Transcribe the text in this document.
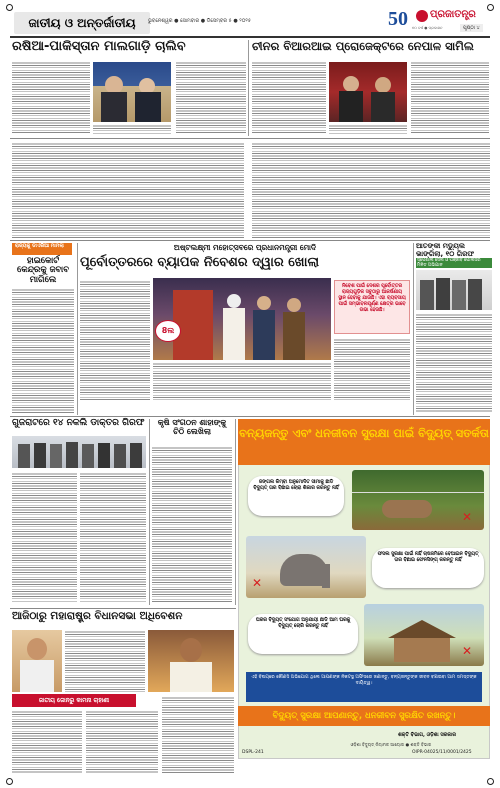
ଜାତୀୟ ଓ ଅନ୍ତର୍ଜାତୀୟ	ଭୁବନେଶ୍ୱର ● ସୋମବାର ● ଡିସେମ୍ବର ୫ ● ୨୦୨୫	50	୫୦ ବର୍ଷ ● ପ୍ରକାଶନ
ପ୍ରଜାତନ୍ତ୍ର
ପୃଷ୍ଠା ୪
ରଷିଆ-ପାକିସ୍ତାନ ମାଲଗାଡ଼ି ଚାଲିବ	ଚୀନର ବିଆରଆଇ ପ୍ରୋଜେକ୍ଟରେ ନେପାଳ ସାମିଲ
ରାଜ୍ୟକୁ ଡାଏରିଆ ମାମଲା
ହାଇକୋର୍ଟ କେନ୍ଦ୍ରକୁ ଜବାବ ମାଗିଲେ
ଅଷ୍ଟଲକ୍ଷ୍ମୀ ମହୋତ୍ସବରେ ପ୍ରଧାନମନ୍ତ୍ରୀ ମୋଦି
ପୂର୍ବୋତ୍ତରରେ ବ୍ୟାପକ ନିବେଶର ଦ୍ୱାର ଖୋଲା
8ଲ
ନିବେଶ ପାଇଁ ଦେଶର ପୂର୍ବୋତ୍ତର ରାଜ୍ୟଗୁଡ଼ିକ ସବୁଠାରୁ ଆକର୍ଷଣୀୟ ସ୍ଥାନ ହେବାକୁ ଯାଉଛି। ଏହା ବ୍ୟବସାୟ ପାଇଁ ସମ୍ଭାବନାପୂର୍ଣ୍ଣ କ୍ଷେତ୍ର ଭାବେ ଉଭା ହେଉଛି।
ଆତଙ୍କୀ ମଡ୍ୟୁଲ ଭାଙ୍ଗିଲା, ୧୦ ଗିରଫ
ସ୍ପେଶାଲ ସେଲ ଓ ପଞ୍ଜାବ ପୋଲିସର ମିଳିତ ଅଭିଯାନ
ଗୁଜରାଟରେ ୧୪ ନକଲି ଡାକ୍ତର ଗିରଫ	କୃଷି ସଂଗଠନ ଶାହାଙ୍କୁ ଚିଠି ଲେଖିଲା	ବନ୍ୟଜନ୍ତୁ ଏବଂ ଧନଜୀବନ ସୁରକ୍ଷା ପାଇଁ ବିଦ୍ୟୁତ୍ ସତର୍କତା
ଜଙ୍ଗଲ କିମ୍ବା ଅନୁମୋଦିତ ସୀମାକୁ ଛାଡି ବିଦ୍ୟୁତ୍ ତାର ବିଛାଇ ଚୋରା ଶିକାର କରନ୍ତୁ ନାହିଁ
✕
✕
ଫସଲ ସୁରକ୍ଷା ପାଇଁ ନାହିଁ ଚାଷଜମିରେ ବେଆଇନ ବିଦ୍ୟୁତ୍ ତାର ବିଛାଇ ଫେନସିଙ୍ଗ୍ କରନ୍ତୁ ନାହିଁ
ଘରର ବିଦ୍ୟୁତ୍ ସଂଯୋଗ ଅନୁଯାୟୀ ଛାଡି ଆମ ଘରକୁ ବିଦ୍ୟୁତ୍ ଚୋରି କରନ୍ତୁ ନାହିଁ
✕
ଏହି ବିଷୟରେ କୌଣସି ଅଭିଯୋଗ ଥିଲେ ଆପଣଙ୍କ ନିକଟସ୍ଥ ଅଫିସରେ ଜଣାନ୍ତୁ, ବନ୍ୟଜନ୍ତୁଙ୍କ ଜୀବନ ବଞ୍ଚାଇବା ଆମ ସମସ୍ତଙ୍କ ଦାୟିତ୍ୱ।
ବିଦ୍ୟୁତ୍ ସୁରକ୍ଷା ଆପଣାନ୍ତୁ, ଧନଜୀବନ ସୁରକ୍ଷିତ ରଖନ୍ତୁ।
ଶକ୍ତି ବିଭାଗ, ଓଡ଼ିଶା ସରକାର
ଓଡ଼ିଶା ବିଦ୍ୟୁତ୍ ନିୟାମକ ଆୟୋଗ ● ଶକ୍ତି ବିଭାଗ
DSPL-241	OIPR-04025/11/0001/2425
ଆଜିଠାରୁ ମହାରାଷ୍ଟ୍ର ବିଧାନସଭା ଅଧିବେଶନ
ଜାତୀୟ ଜୋନରୁ କାମନା ଚାହାଣୀ
